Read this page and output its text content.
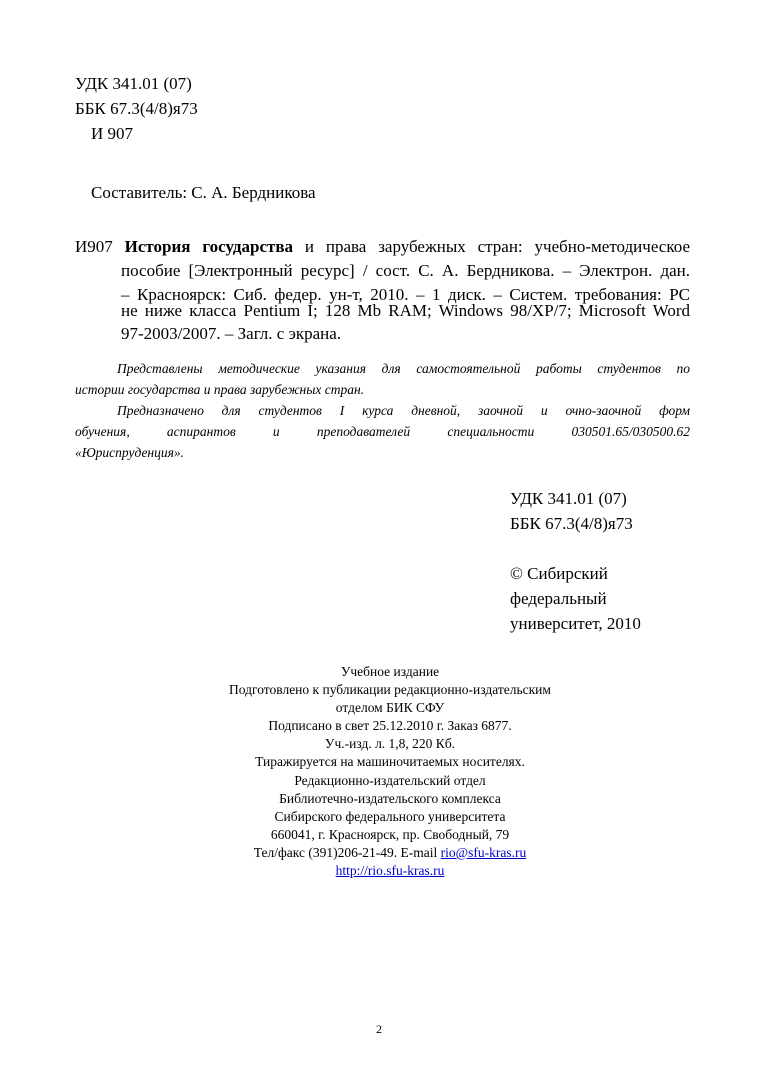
УДК 341.01 (07)
ББК 67.3(4/8)я73
И 907
Составитель: С. А. Бердникова
И907 История государства и права зарубежных стран: учебно-методическое
пособие [Электронный ресурс] / сост. С. А. Бердникова. – Электрон. дан.
– Красноярск: Сиб. федер. ун-т, 2010. – 1 диск. – Систем. требования: PC
не ниже класса Pentium I; 128 Mb RAM; Windows 98/XP/7; Microsoft Word
97-2003/2007. – Загл. с экрана.
Представлены методические указания для самостоятельной работы студентов по
истории государства и права зарубежных стран.
Предназначено для студентов I курса дневной, заочной и очно-заочной форм
обучения, аспирантов и преподавателей специальности 030501.65/030500.62
«Юриспруденция».
УДК 341.01 (07)
ББК 67.3(4/8)я73
© Сибирский
федеральный
университет, 2010
Учебное издание
Подготовлено к публикации редакционно-издательским
отделом БИК СФУ
Подписано в свет 25.12.2010 г. Заказ 6877.
Уч.-изд. л. 1,8, 220 Кб.
Тиражируется на машиночитаемых носителях.
Редакционно-издательский отдел
Библиотечно-издательского комплекса
Сибирского федерального университета
660041, г. Красноярск, пр. Свободный, 79
Тел/факс (391)206-21-49. E-mail rio@sfu-kras.ru
http://rio.sfu-kras.ru
2
